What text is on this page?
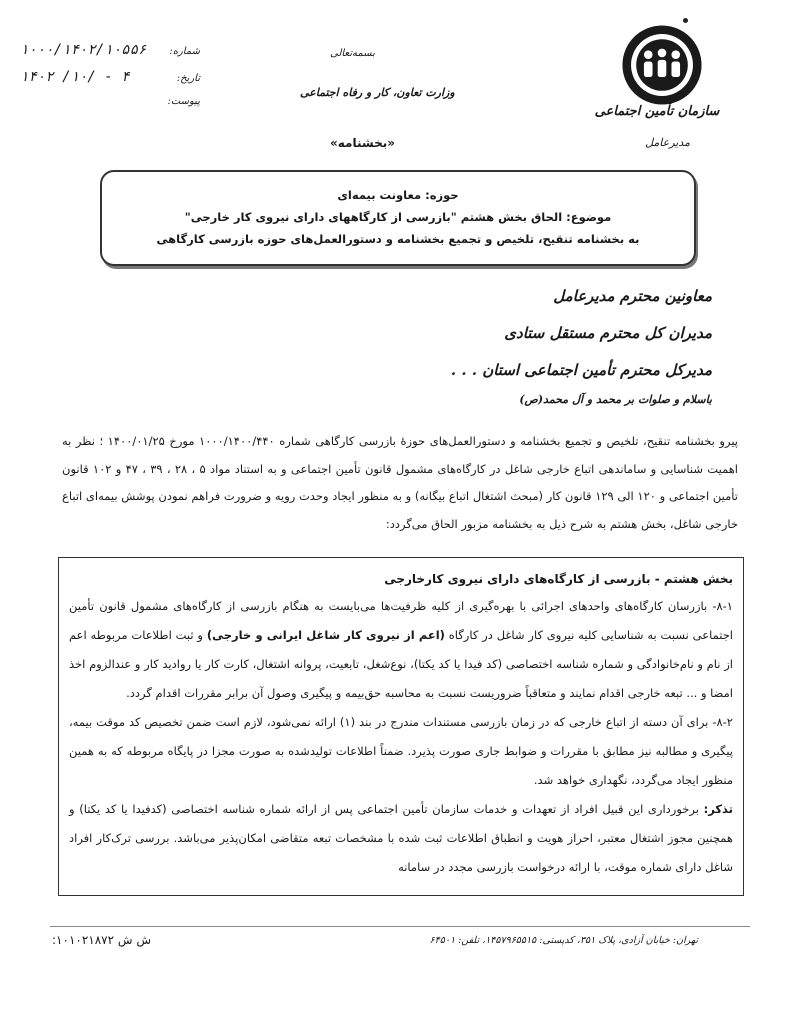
سازمان تأمین اجتماعی
مدیرعامل
بسمه‌تعالی
وزارت تعاون، کار و رفاه اجتماعی
«بخشنامه»
شماره:
۱۰۰۰/۱۴۰۲/۱۰۵۵۶
تاریخ:
۱۴۰۲ /۱۰/ - ۴
پیوست:
حوزه: معاونت بیمه‌ای
موضوع: الحاق بخش هشتم "بازرسی از کارگاههای دارای نیروی کار خارجی"
به بخشنامه تنقیح، تلخیص و تجمیع بخشنامه و دستورالعمل‌های حوزه بازرسی کارگاهی
معاونین محترم مدیرعامل
مدیران کل محترم مستقل ستادی
مدیرکل محترم تأمین اجتماعی استان . . .
باسلام و صلوات بر محمد و آل محمد(ص)
پیرو بخشنامه تنقیح، تلخیص و تجمیع بخشنامه و دستورالعمل‌های حوزهٔ بازرسی کارگاهی شماره ۱۰۰۰/۱۴۰۰/۴۴۰ مورخ ۱۴۰۰/۰۱/۲۵ ؛ نظر به اهمیت شناسایی و ساماندهی اتباع خارجی شاغل در کارگاه‌های مشمول قانون تأمین اجتماعی و به استناد مواد ۵ ، ۲۸ ، ۳۹ ، ۴۷ و ۱۰۲ قانون تأمین اجتماعی و ۱۲۰ الی ۱۲۹ قانون کار (مبحث اشتغال اتباع بیگانه) و به منظور ایجاد وحدت رویه و ضرورت فراهم نمودن پوشش بیمه‌ای اتباع خارجی شاغل، بخش هشتم به شرح ذیل به بخشنامه مزبور الحاق می‌گردد:
بخش هشتم - بازرسی از کارگاه‌های دارای نیروی کارخارجی
۸-۱- بازرسان کارگاه‌های واحدهای اجرائی با بهره‌گیری از کلیه ظرفیت‌ها می‌بایست به هنگام بازرسی از کارگاه‌های مشمول قانون تأمین اجتماعی نسبت به شناسایی کلیه نیروی کار شاغل در کارگاه (اعم از نیروی کار شاغل ایرانی و خارجی) و ثبت اطلاعات مربوطه اعم از نام و نام‌خانوادگی و شماره شناسه اختصاصی (کد فیدا یا کد یکتا)، نوع‌شغل، تابعیت، پروانه اشتغال، کارت کار یا روادید کار و عندالزوم اخذ امضا و ... تبعه خارجی اقدام نمایند و متعاقباً ضروریست نسبت به محاسبه حق‌بیمه و پیگیری وصول آن برابر مقررات اقدام گردد.
۸-۲- برای آن دسته از اتباع خارجی که در زمان بازرسی مستندات مندرج در بند (۱) ارائه نمی‌شود، لازم است ضمن تخصیص کد موقت بیمه، پیگیری و مطالبه نیز مطابق با مقررات و ضوابط جاری صورت پذیرد. ضمناً اطلاعات تولیدشده به صورت مجزا در پایگاه مربوطه که به همین منظور ایجاد می‌گردد، نگهداری خواهد شد.
تذکر: برخورداری این قبیل افراد از تعهدات و خدمات سازمان تأمین اجتماعی پس از ارائه شماره شناسه اختصاصی (کدفیدا یا کد یکتا) و همچنین مجوز اشتغال معتبر، احراز هویت و انطباق اطلاعات ثبت شده با مشخصات تبعه متقاضی امکان‌پذیر می‌باشد. بررسی ترک‌کار افراد شاغل دارای شماره موقت، با ارائه درخواست بازرسی مجدد در سامانه
تهران: خیابان آزادی، پلاک ۳۵۱، کدپستی: ۱۴۵۷۹۶۵۵۱۵، تلفن: ۶۴۵۰۱
ش ش ۱۰۱۰۲۱۸۷۲:
